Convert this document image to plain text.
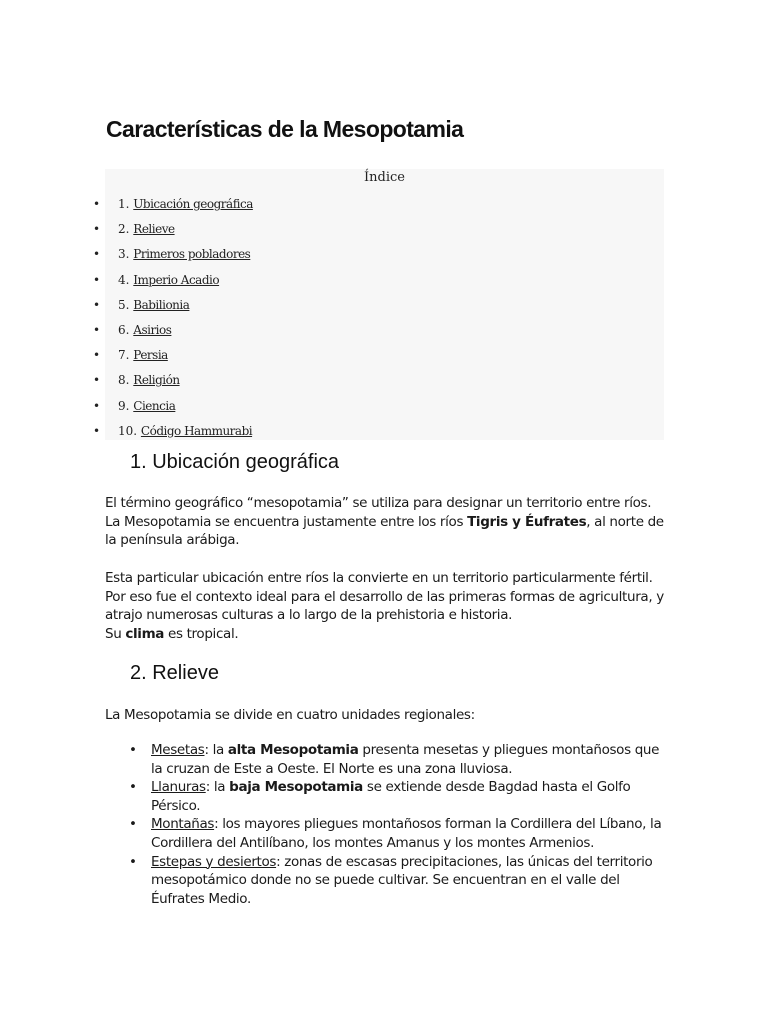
Características de la Mesopotamia
Índice
• 1. Ubicación geográfica
• 2. Relieve
• 3. Primeros pobladores
• 4. Imperio Acadio
• 5. Babilionia
• 6. Asirios
• 7. Persia
• 8. Religión
• 9. Ciencia
• 10. Código Hammurabi
1. Ubicación geográfica

El término geográfico “mesopotamia” se utiliza para designar un territorio entre ríos. La Mesopotamia se encuentra justamente entre los ríos Tigris y Éufrates, al norte de la península arábiga.

Esta particular ubicación entre ríos la convierte en un territorio particularmente fértil. Por eso fue el contexto ideal para el desarrollo de las primeras formas de agricultura, y atrajo numerosas culturas a lo largo de la prehistoria e historia.
Su clima es tropical.

2. Relieve

La Mesopotamia se divide en cuatro unidades regionales:

• Mesetas: la alta Mesopotamia presenta mesetas y pliegues montañosos que la cruzan de Este a Oeste. El Norte es una zona lluviosa.
• Llanuras: la baja Mesopotamia se extiende desde Bagdad hasta el Golfo Pérsico.
• Montañas: los mayores pliegues montañosos forman la Cordillera del Líbano, la Cordillera del Antilíbano, los montes Amanus y los montes Armenios.
• Estepas y desiertos: zonas de escasas precipitaciones, las únicas del territorio mesopotámico donde no se puede cultivar. Se encuentran en el valle del Éufrates Medio.
